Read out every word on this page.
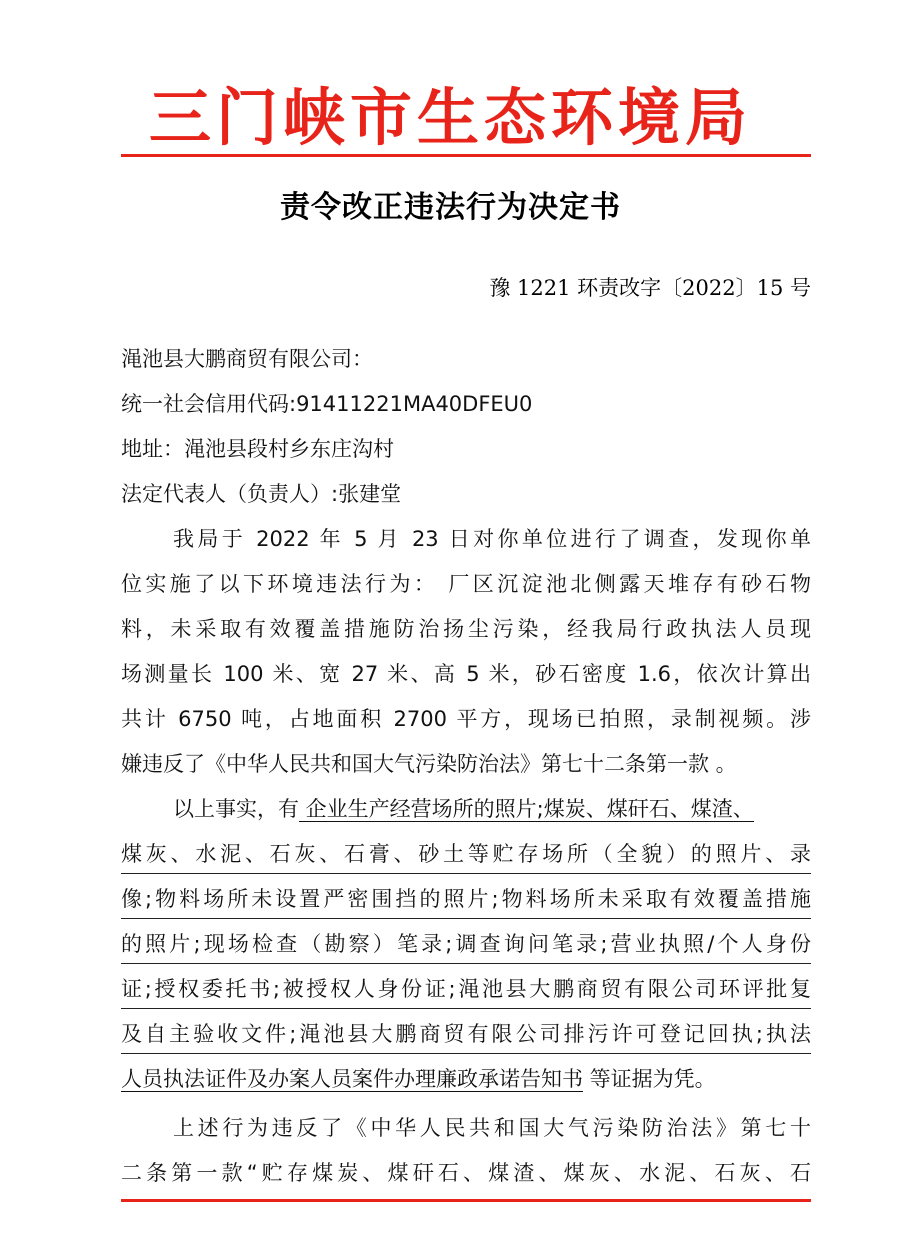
三门峡市生态环境局
责令改正违法行为决定书
豫 1221 环责改字〔2022〕15 号
渑池县大鹏商贸有限公司：
统一社会信用代码:91411221MA40DFEU0
地址：渑池县段村乡东庄沟村
法定代表人（负责人）:张建堂
我局于 2022 年 5 月 23 日对你单位进行了调查，发现你单
位实施了以下环境违法行为： 厂区沉淀池北侧露天堆存有砂石物
料，未采取有效覆盖措施防治扬尘污染，经我局行政执法人员现
场测量长 100 米、宽 27 米、高 5 米，砂石密度 1.6，依次计算出
共计 6750 吨，占地面积 2700 平方，现场已拍照，录制视频。涉
嫌违反了《中华人民共和国大气污染防治法》第七十二条第一款 。
以上事实，有 企业生产经营场所的照片;煤炭、煤矸石、煤渣、
煤灰、水泥、石灰、石膏、砂土等贮存场所（全貌）的照片、录
像;物料场所未设置严密围挡的照片;物料场所未采取有效覆盖措施
的照片;现场检查（勘察）笔录;调查询问笔录;营业执照/个人身份
证;授权委托书;被授权人身份证;渑池县大鹏商贸有限公司环评批复
及自主验收文件;渑池县大鹏商贸有限公司排污许可登记回执;执法
人员执法证件及办案人员案件办理廉政承诺告知书 等证据为凭。
上述行为违反了《中华人民共和国大气污染防治法》第七十
二条第一款“贮存煤炭、煤矸石、煤渣、煤灰、水泥、石灰、石
